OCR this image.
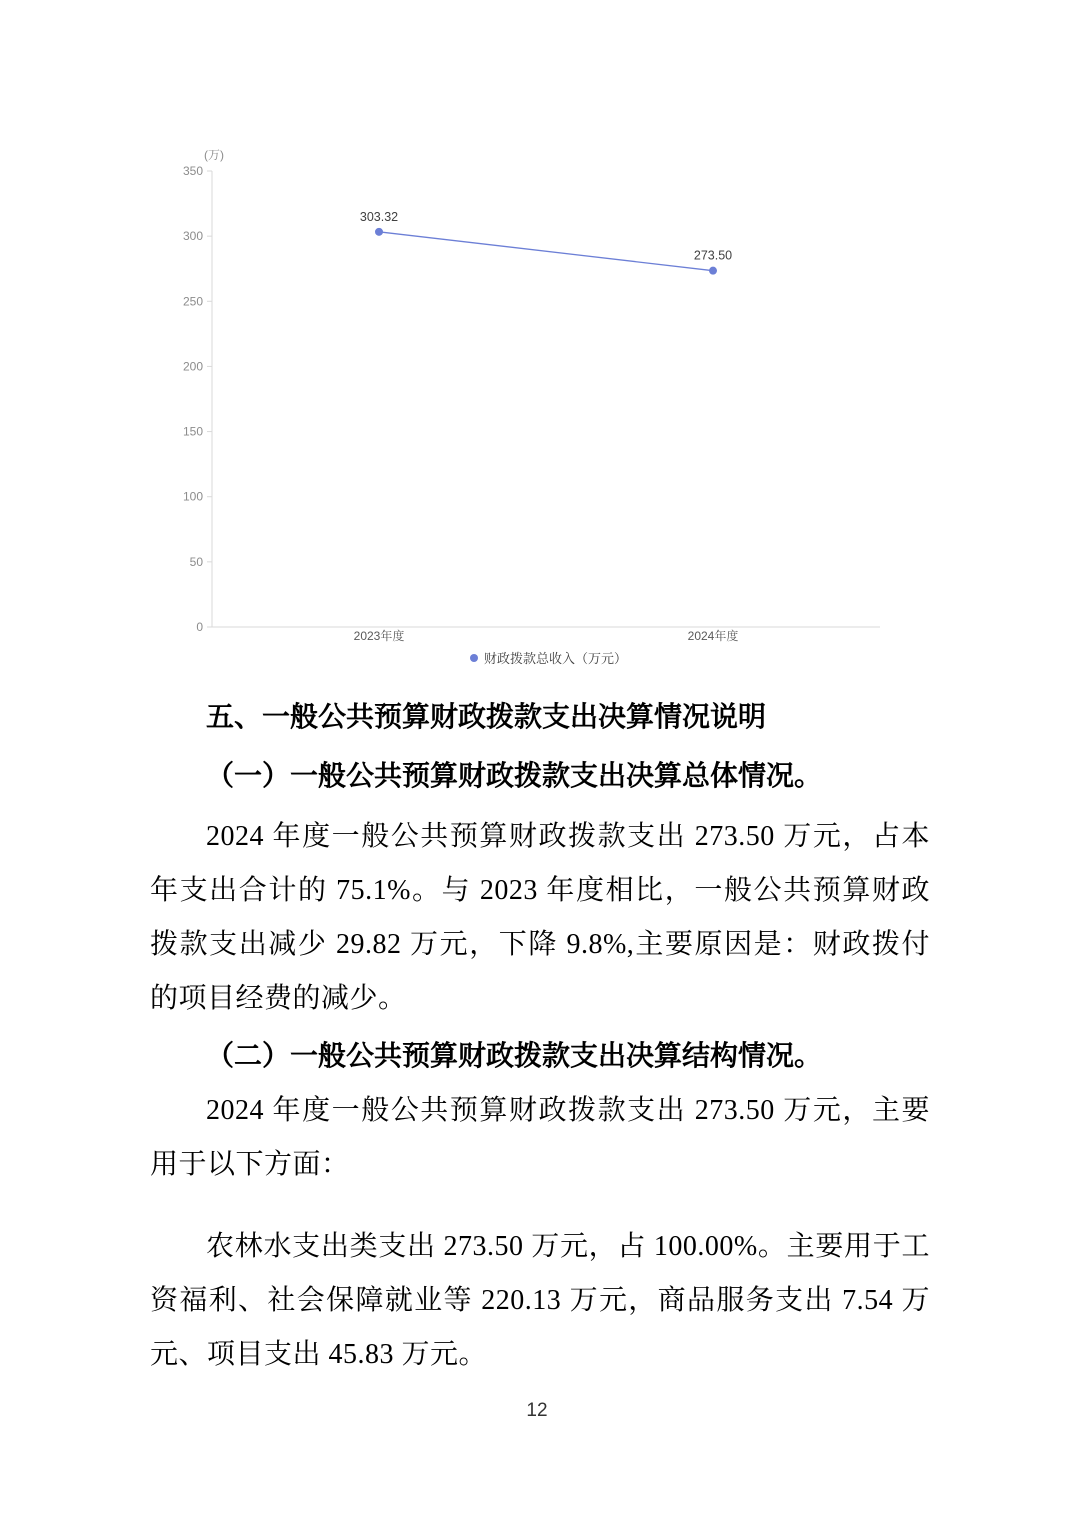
(万)
350
300
250
200
150
100
50
0
2023年度	2024年度
303.32
273.50
财政拨款总收入（万元）
五、一般公共预算财政拨款支出决算情况说明
（一）一般公共预算财政拨款支出决算总体情况。
2024 年度一般公共预算财政拨款支出 273.50 万元，占本年支出合计的 75.1%。与 2023 年度相比，一般公共预算财政拨款支出减少 29.82 万元，下降 9.8%,主要原因是：财政拨付的项目经费的减少。
（二）一般公共预算财政拨款支出决算结构情况。
2024 年度一般公共预算财政拨款支出 273.50 万元，主要用于以下方面：
农林水支出类支出 273.50 万元，占 100.00%。主要用于工资福利、社会保障就业等 220.13 万元，商品服务支出 7.54 万元、项目支出 45.83 万元。
12
